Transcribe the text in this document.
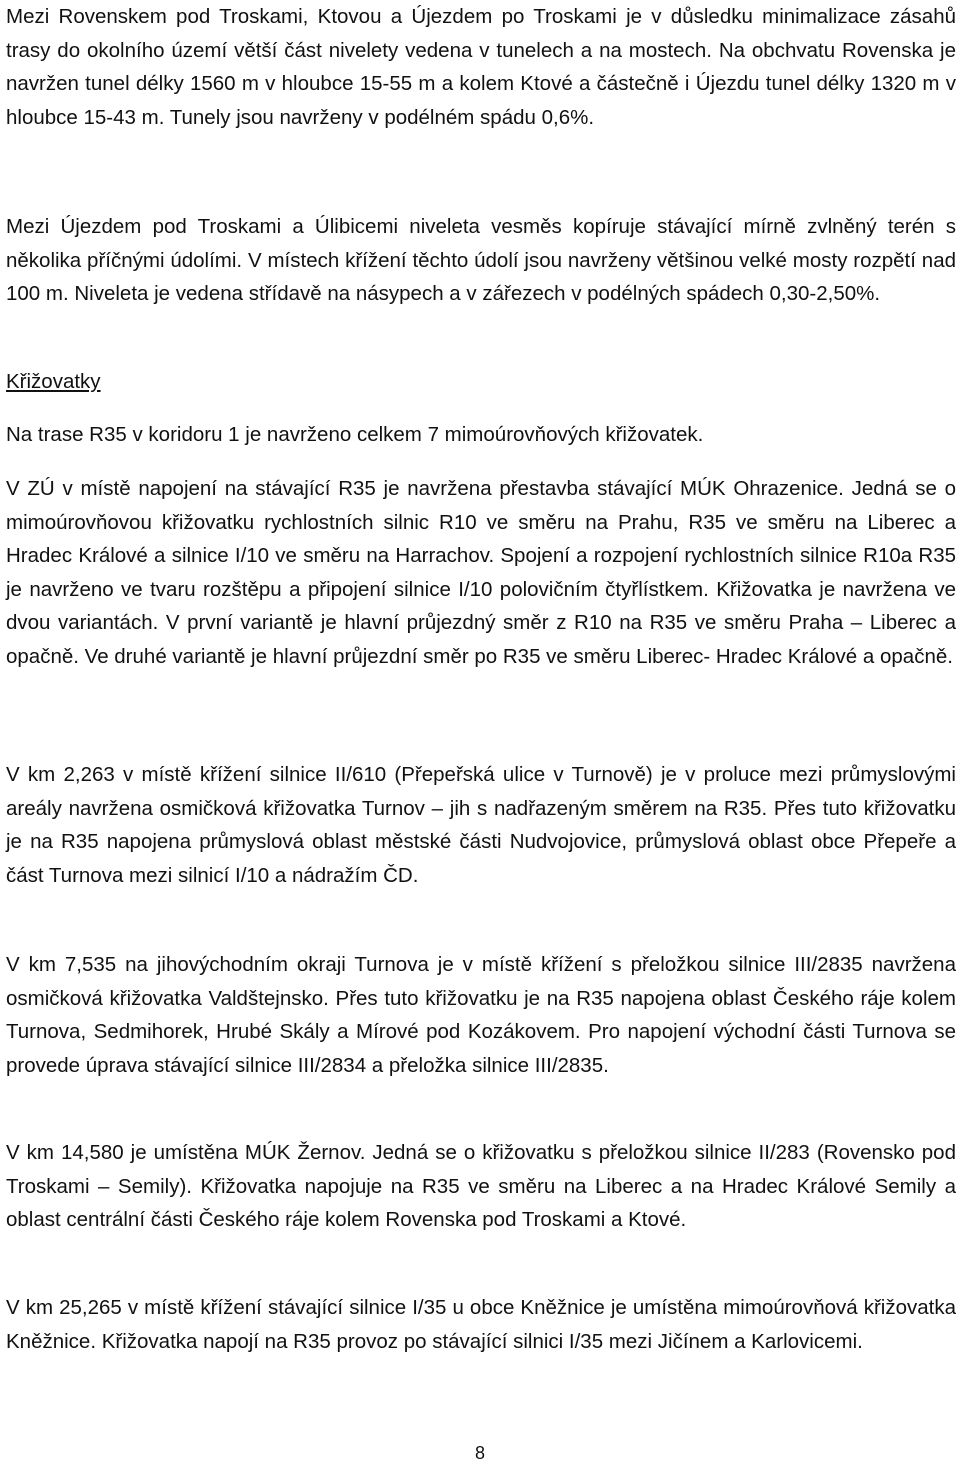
Mezi Rovenskem pod Troskami, Ktovou a Újezdem po Troskami je v důsledku minimalizace zásahů trasy do okolního území větší část nivelety vedena v tunelech a na mostech. Na obchvatu Rovenska je navržen tunel délky 1560 m v hloubce 15-55 m a kolem Ktové a částečně i Újezdu tunel délky 1320 m v hloubce 15-43 m. Tunely jsou navrženy v podélném spádu 0,6%.

Mezi Újezdem pod Troskami a Úlibicemi niveleta vesměs kopíruje stávající mírně zvlněný terén s několika příčnými údolími. V místech křížení těchto údolí jsou navrženy většinou velké mosty rozpětí nad 100 m. Niveleta je vedena střídavě na násypech a v zářezech v podélných spádech 0,30-2,50%.

Křižovatky

Na trase R35 v koridoru 1 je navrženo celkem 7 mimoúrovňových křižovatek.

V ZÚ v místě napojení na stávající R35 je navržena přestavba stávající MÚK Ohrazenice. Jedná se o mimoúrovňovou křižovatku rychlostních silnic R10 ve směru na Prahu, R35 ve směru na Liberec a Hradec Králové a silnice I/10 ve směru na Harrachov. Spojení a rozpojení rychlostních silnice R10a R35 je navrženo ve tvaru rozštěpu a připojení silnice I/10 polovičním čtyřlístkem. Křižovatka je navržena ve dvou variantách. V první variantě je hlavní průjezdný směr z R10 na R35 ve směru Praha – Liberec a opačně. Ve druhé variantě je hlavní průjezdní směr po R35 ve směru Liberec- Hradec Králové a opačně.

V km 2,263 v místě křížení silnice II/610 (Přepeřská ulice v Turnově) je v proluce mezi průmyslovými areály navržena osmičková křižovatka Turnov – jih s nadřazeným směrem na R35. Přes tuto křižovatku je na R35 napojena průmyslová oblast městské části Nudvojovice, průmyslová oblast obce Přepeře a část Turnova mezi silnicí I/10 a nádražím ČD.

V km 7,535 na jihovýchodním okraji Turnova je v místě křížení s přeložkou silnice III/2835 navržena osmičková křižovatka Valdštejnsko. Přes tuto křižovatku je na R35 napojena oblast Českého ráje kolem Turnova, Sedmihorek, Hrubé Skály a Mírové pod Kozákovem. Pro napojení východní části Turnova se provede úprava stávající silnice III/2834 a přeložka silnice III/2835.

V km 14,580 je umístěna MÚK Žernov. Jedná se o křižovatku s přeložkou silnice II/283 (Rovensko pod Troskami – Semily). Křižovatka napojuje na R35 ve směru na Liberec a na Hradec Králové Semily a oblast centrální části Českého ráje kolem Rovenska pod Troskami a Ktové.

V km 25,265 v místě křížení stávající silnice I/35 u obce Kněžnice je umístěna mimoúrovňová křižovatka Kněžnice. Křižovatka napojí na R35 provoz po stávající silnici I/35 mezi Jičínem a Karlovicemi.

8
